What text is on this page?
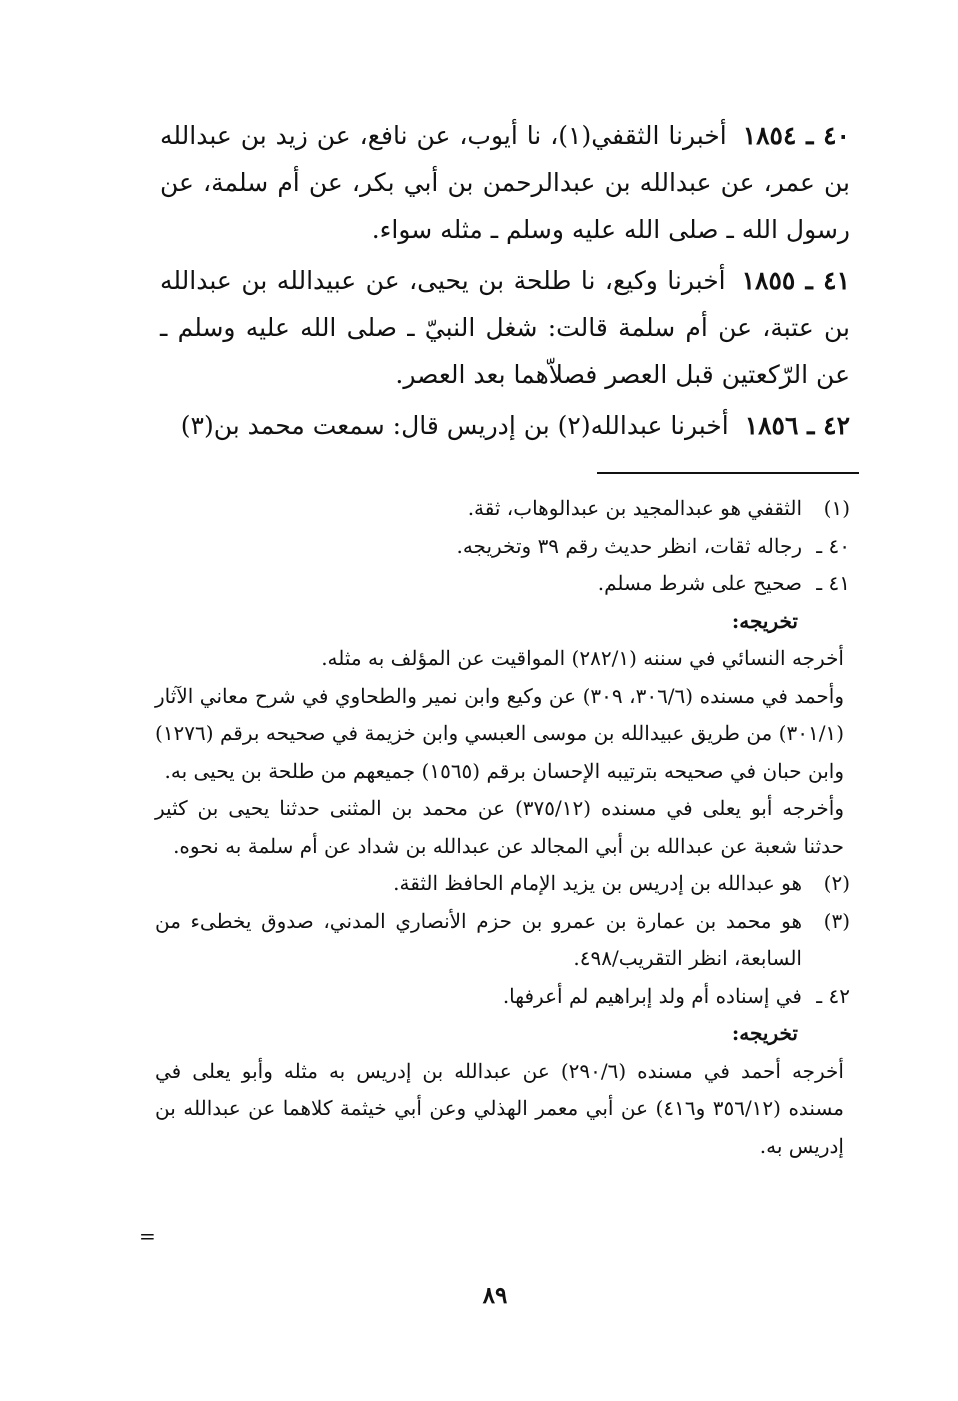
٤٠ ـ ١٨٥٤أخبرنا الثقفي(١)، نا أيوب، عن نافع، عن زيد بن عبدالله بن عمر، عن عبدالله بن عبدالرحمن بن أبي بكر، عن أم سلمة، عن رسول الله ـ صلى الله عليه وسلم ـ مثله سواء.

٤١ ـ ١٨٥٥أخبرنا وكيع، نا طلحة بن يحيى، عن عبيدالله بن عبدالله بن عتبة، عن أم سلمة قالت: شغل النبيّ ـ صلى الله عليه وسلم ـ عن الرّكعتين قبل العصر فصلاّهما بعد العصر.

٤٢ ـ ١٨٥٦أخبرنا عبدالله(٢) بن إدريس قال: سمعت محمد بن(٣)

(١)
الثقفي هو عبدالمجيد بن عبدالوهاب، ثقة.
٤٠ ـ
رجاله ثقات، انظر حديث رقم ٣٩ وتخريجه.
٤١ ـ
صحيح على شرط مسلم.
تخريجه:
أخرجه النسائي في سننه (٢٨٢/١) المواقيت عن المؤلف به مثله.
وأحمد في مسنده (٣٠٦/٦، ٣٠٩) عن وكيع وابن نمير والطحاوي في شرح معاني الآثار (٣٠١/١) من طريق عبيدالله بن موسى العبسي وابن خزيمة في صحيحه برقم (١٢٧٦) وابن حبان في صحيحه بترتيبه الإحسان برقم (١٥٦٥) جميعهم من طلحة بن يحيى به.
وأخرجه أبو يعلى في مسنده (٣٧٥/١٢) عن محمد بن المثنى حدثنا يحيى بن كثير حدثنا شعبة عن عبدالله بن أبي المجالد عن عبدالله بن شداد عن أم سلمة به نحوه.
(٢)
هو عبدالله بن إدريس بن يزيد الإمام الحافظ الثقة.
(٣)
هو محمد بن عمارة بن عمرو بن حزم الأنصاري المدني، صدوق يخطىء من السابعة، انظر التقريب/٤٩٨.
٤٢ ـ
في إسناده أم ولد إبراهيم لم أعرفها.
تخريجه:
أخرجه أحمد في مسنده (٢٩٠/٦) عن عبدالله بن إدريس به مثله وأبو يعلى في مسنده (٣٥٦/١٢ و٤١٦) عن أبي معمر الهذلي وعن أبي خيثمة كلاهما عن عبدالله بن إدريس به.
=
٨٩
